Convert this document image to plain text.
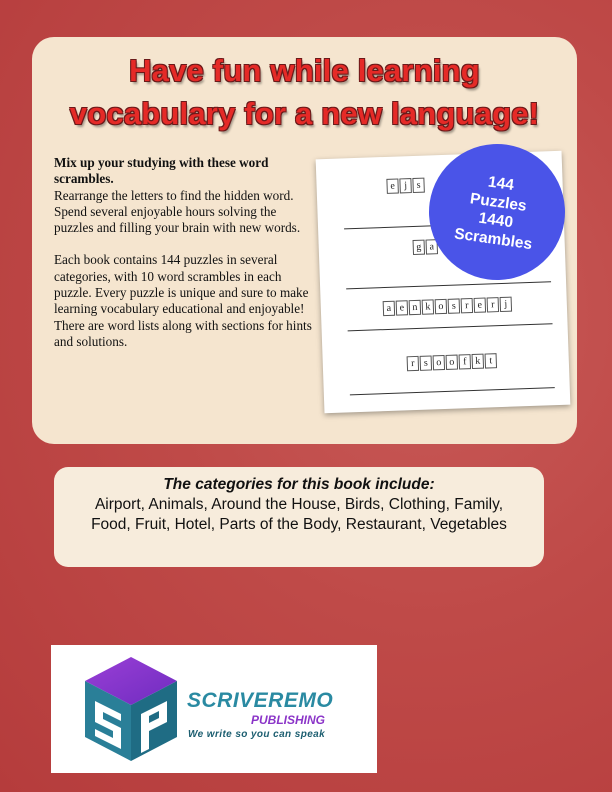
Have fun while learning
vocabulary for a new language!
Mix up your studying with these word scrambles.

Rearrange the letters to find the hidden word. Spend several enjoyable hours solving the puzzles and filling your brain with new words.

Each book contains 144 puzzles in several categories, with 10 word scrambles in each puzzle. Every puzzle is unique and sure to make learning vocabulary educational and enjoyable! There are word lists along with sections for hints and solutions.

e j s
g a
a e n k o s r e r j
r s o o f k t
144
Puzzles
1440
Scrambles
The categories for this book include:
Airport, Animals, Around the House, Birds, Clothing, Family, Food, Fruit, Hotel, Parts of the Body, Restaurant, Vegetables
SCRIVEREMO
PUBLISHING
We write so you can speak
